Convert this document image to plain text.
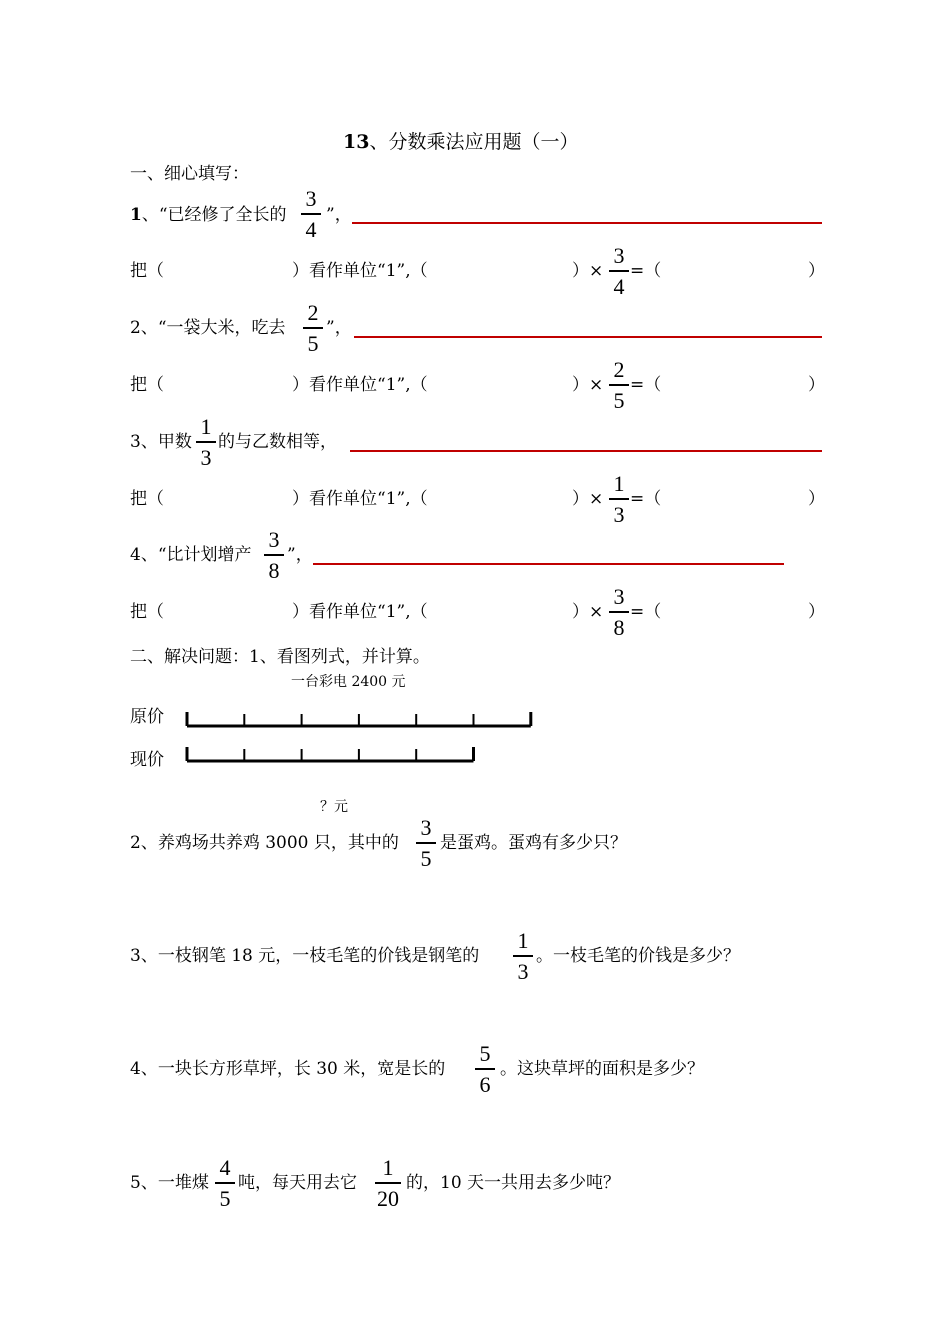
13、分数乘法应用题（一）
一、细心填写：
1、“已经修了全长的
3
4
”，
把（	）看作单位“1”,（	）×
3
4
=（	）
2、“一袋大米，吃去
2
5
”，
把（	）看作单位“1”,（	）×
2
5
=（	）
3、甲数
1
3
的与乙数相等，
把（	）看作单位“1”,（	）×
1
3
=（	）
4、“比计划增产
3
8
”，
把（	）看作单位“1”,（	）×
3
8
=（	）
二、解决问题：1、看图列式，并计算。
一台彩电 2400 元
原价
现价
？元
2、养鸡场共养鸡 3000 只，其中的
3
5
是蛋鸡。蛋鸡有多少只？
3、一枝钢笔 18 元，一枝毛笔的价钱是钢笔的
1
3
。一枝毛笔的价钱是多少？
4、一块长方形草坪，长 30 米，宽是长的
5
6
。这块草坪的面积是多少？
5、一堆煤
4
5
吨，每天用去它
1
20
的，10 天一共用去多少吨？
